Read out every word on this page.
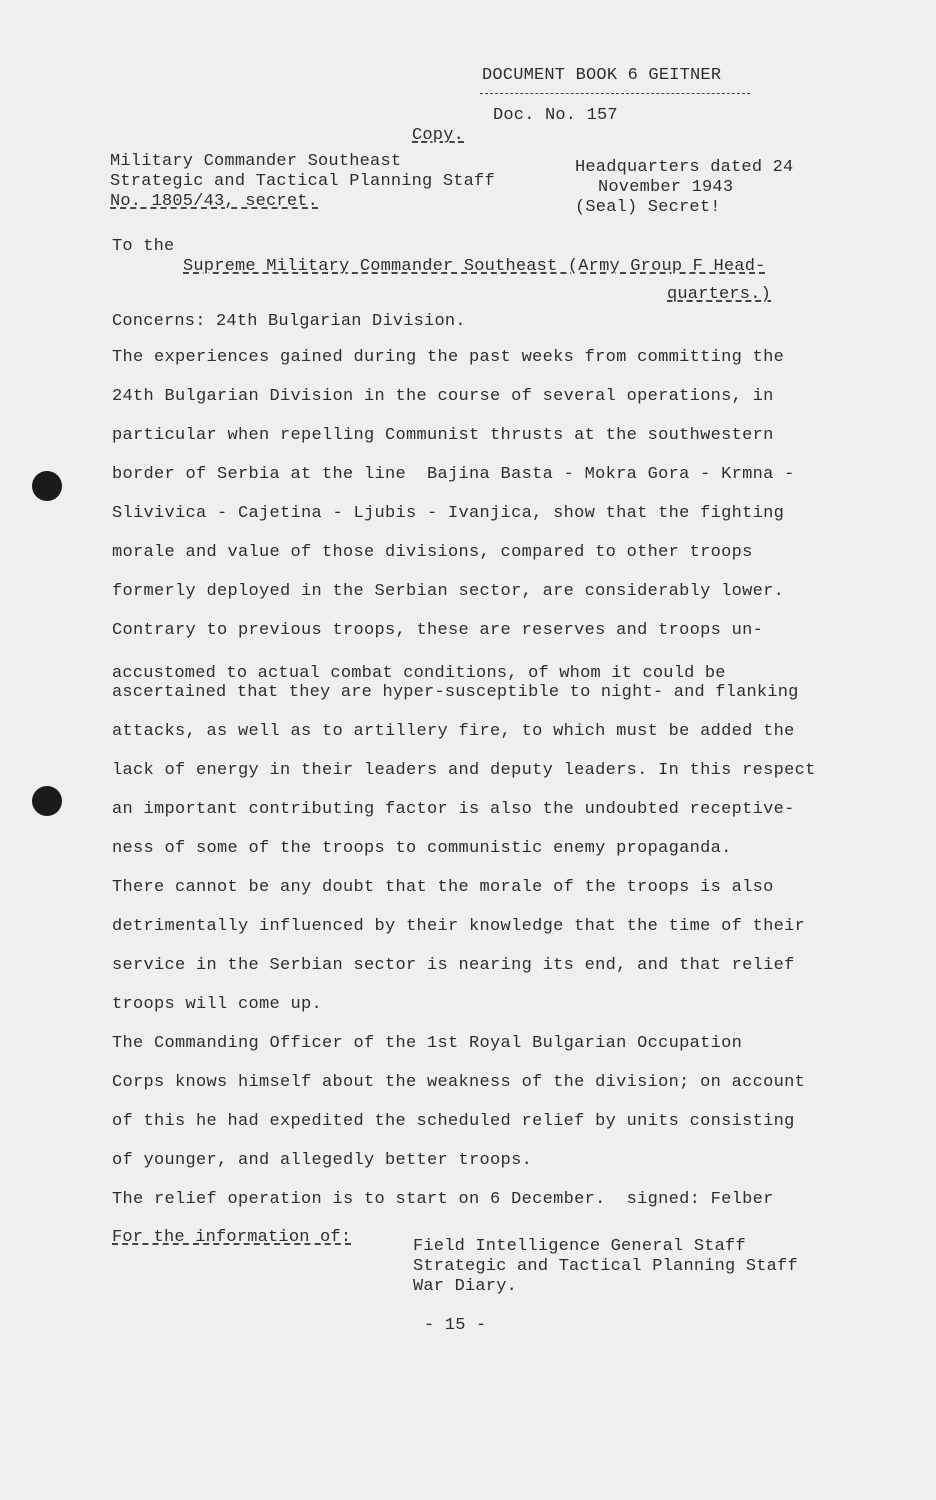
DOCUMENT BOOK 6 GEITNER
Doc. No. 157
Copy.
Military Commander Southeast
Strategic and Tactical Planning Staff
No. 1805/43, secret.
Headquarters dated 24
November 1943
(Seal) Secret!
To the
Supreme Military Commander Southeast (Army Group F Head-
quarters.)
Concerns: 24th Bulgarian Division.
The experiences gained during the past weeks from committing the
24th Bulgarian Division in the course of several operations, in
particular when repelling Communist thrusts at the southwestern
border of Serbia at the line  Bajina Basta - Mokra Gora - Krmna -
Slivivica - Cajetina - Ljubis - Ivanjica, show that the fighting
morale and value of those divisions, compared to other troops
formerly deployed in the Serbian sector, are considerably lower.
Contrary to previous troops, these are reserves and troops un-
accustomed to actual combat conditions, of whom it could be
ascertained that they are hyper-susceptible to night- and flanking
attacks, as well as to artillery fire, to which must be added the
lack of energy in their leaders and deputy leaders. In this respect
an important contributing factor is also the undoubted receptive-
ness of some of the troops to communistic enemy propaganda.
There cannot be any doubt that the morale of the troops is also
detrimentally influenced by their knowledge that the time of their
service in the Serbian sector is nearing its end, and that relief
troops will come up.
The Commanding Officer of the 1st Royal Bulgarian Occupation
Corps knows himself about the weakness of the division; on account
of this he had expedited the scheduled relief by units consisting
of younger, and allegedly better troops.
The relief operation is to start on 6 December.  signed: Felber
For the information of:	Field Intelligence General Staff
Strategic and Tactical Planning Staff
War Diary.
- 15 -
